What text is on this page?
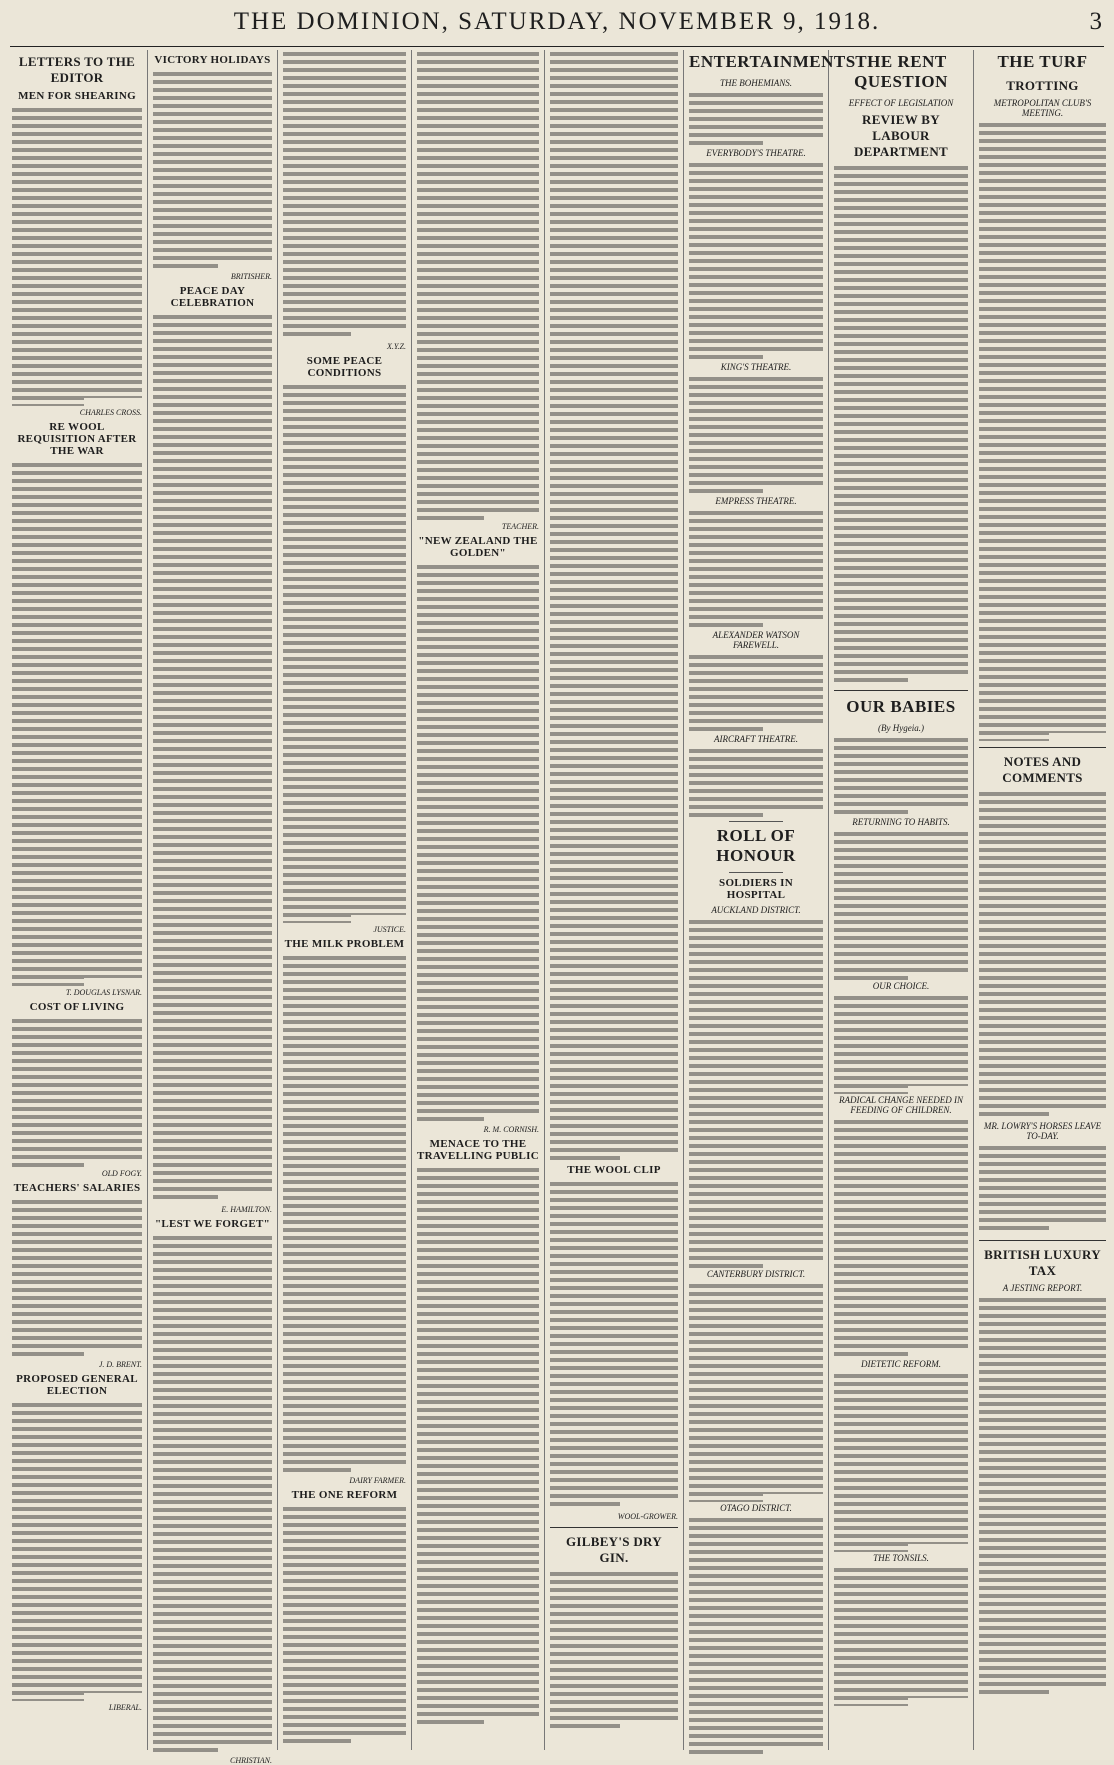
THE DOMINION, SATURDAY, NOVEMBER 9, 1918.	3
LETTERS TO THE EDITOR
MEN FOR SHEARING
CHARLES CROSS.
RE WOOL REQUISITION AFTER THE WAR
T. DOUGLAS LYSNAR.
COST OF LIVING
OLD FOGY.
TEACHERS' SALARIES
J. D. BRENT.
PROPOSED GENERAL ELECTION
LIBERAL.
VICTORY HOLIDAYS
BRITISHER.
PEACE DAY CELEBRATION
E. HAMILTON.
"LEST WE FORGET"
CHRISTIAN.
X.Y.Z.
SOME PEACE CONDITIONS
JUSTICE.
THE MILK PROBLEM
DAIRY FARMER.
THE ONE REFORM
TEACHER.
"NEW ZEALAND THE GOLDEN"
R. M. CORNISH.
MENACE TO THE TRAVELLING PUBLIC
THE WOOL CLIP
WOOL-GROWER.
GILBEY'S DRY GIN.
ENTERTAINMENTS
THE BOHEMIANS.
EVERYBODY'S THEATRE.
KING'S THEATRE.
EMPRESS THEATRE.
ALEXANDER WATSON FAREWELL.
AIRCRAFT THEATRE.
ROLL OF HONOUR
SOLDIERS IN HOSPITAL
AUCKLAND DISTRICT.
CANTERBURY DISTRICT.
OTAGO DISTRICT.
THE RENT QUESTION
EFFECT OF LEGISLATION
REVIEW BY LABOUR DEPARTMENT
OUR BABIES
(By Hygeia.)
RETURNING TO HABITS.
OUR CHOICE.
RADICAL CHANGE NEEDED IN FEEDING OF CHILDREN.
DIETETIC REFORM.
THE TONSILS.
THE TURF
TROTTING
METROPOLITAN CLUB'S MEETING.
NOTES AND COMMENTS
MR. LOWRY'S HORSES LEAVE TO-DAY.
BRITISH LUXURY TAX
A JESTING REPORT.
